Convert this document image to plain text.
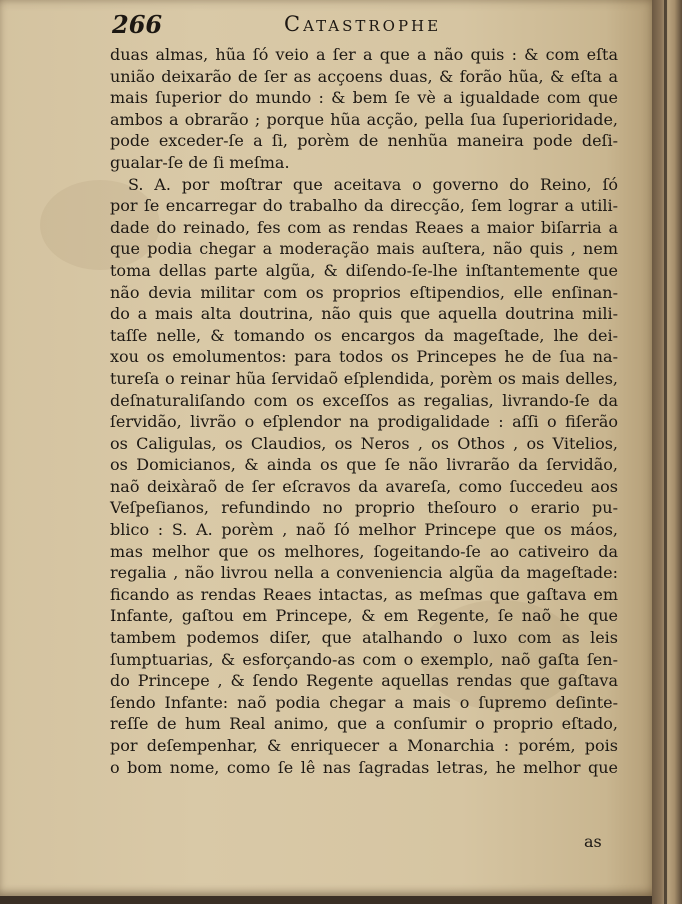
266	Catastrophe
duas almas, hũa ſó veio a ſer a que a não quis : & com eſta
união deixarão de ſer as acçoens duas, & forão hũa, & eſta a
mais ſuperior do mundo : & bem ſe vè a igualdade com que
ambos a obrarão ; porque hũa acção, pella ſua ſuperioridade,
pode exceder-ſe a ſi, porèm de nenhũa maneira pode deſi-
gualar-ſe de ſi meſma.
S. A. por moſtrar que aceitava o governo do Reino, ſó
por ſe encarregar do trabalho da direcção, ſem lograr a utili-
dade do reinado, fes com as rendas Reaes a maior biſarria a
que podia chegar a moderação mais auſtera, não quis , nem
toma dellas parte algũa, & diſendo-ſe-lhe inſtantemente que
não devia militar com os proprios eſtipendios, elle enſinan-
do a mais alta doutrina, não quis que aquella doutrina mili-
taſſe nelle, & tomando os encargos da mageſtade, lhe dei-
xou os emolumentos: para todos os Princepes he de ſua na-
tureſa o reinar hũa ſervidaõ eſplendida, porèm os mais delles,
deſnaturaliſando com os exceſſos as regalias, livrando-ſe da
ſervidão, livrão o eſplendor na prodigalidade : aſſi o fiſerão
os Caligulas, os Claudios, os Neros , os Othos , os Vitelios,
os Domicianos, & ainda os que ſe não livrarão da ſervidão,
naõ deixàraõ de ſer eſcravos da avareſa, como ſuccedeu aos
Veſpeſianos, refundindo no proprio theſouro o erario pu-
blico : S. A. porèm , naõ ſó melhor Princepe que os máos,
mas melhor que os melhores, ſogeitando-ſe ao cativeiro da
regalia , não livrou nella a conveniencia algũa da mageſtade:
ficando as rendas Reaes intactas, as meſmas que gaſtava em
Infante, gaſtou em Princepe, & em Regente, ſe naõ he que
tambem podemos diſer, que atalhando o luxo com as leis
ſumptuarias, & esforçando-as com o exemplo, naõ gaſta ſen-
do Princepe , & ſendo Regente aquellas rendas que gaſtava
ſendo Infante: naõ podia chegar a mais o ſupremo deſinte-
reſſe de hum Real animo, que a conſumir o proprio eſtado,
por deſempenhar, & enriquecer a Monarchia : porém, pois
o bom nome, como ſe lê nas ſagradas letras, he melhor que
as
